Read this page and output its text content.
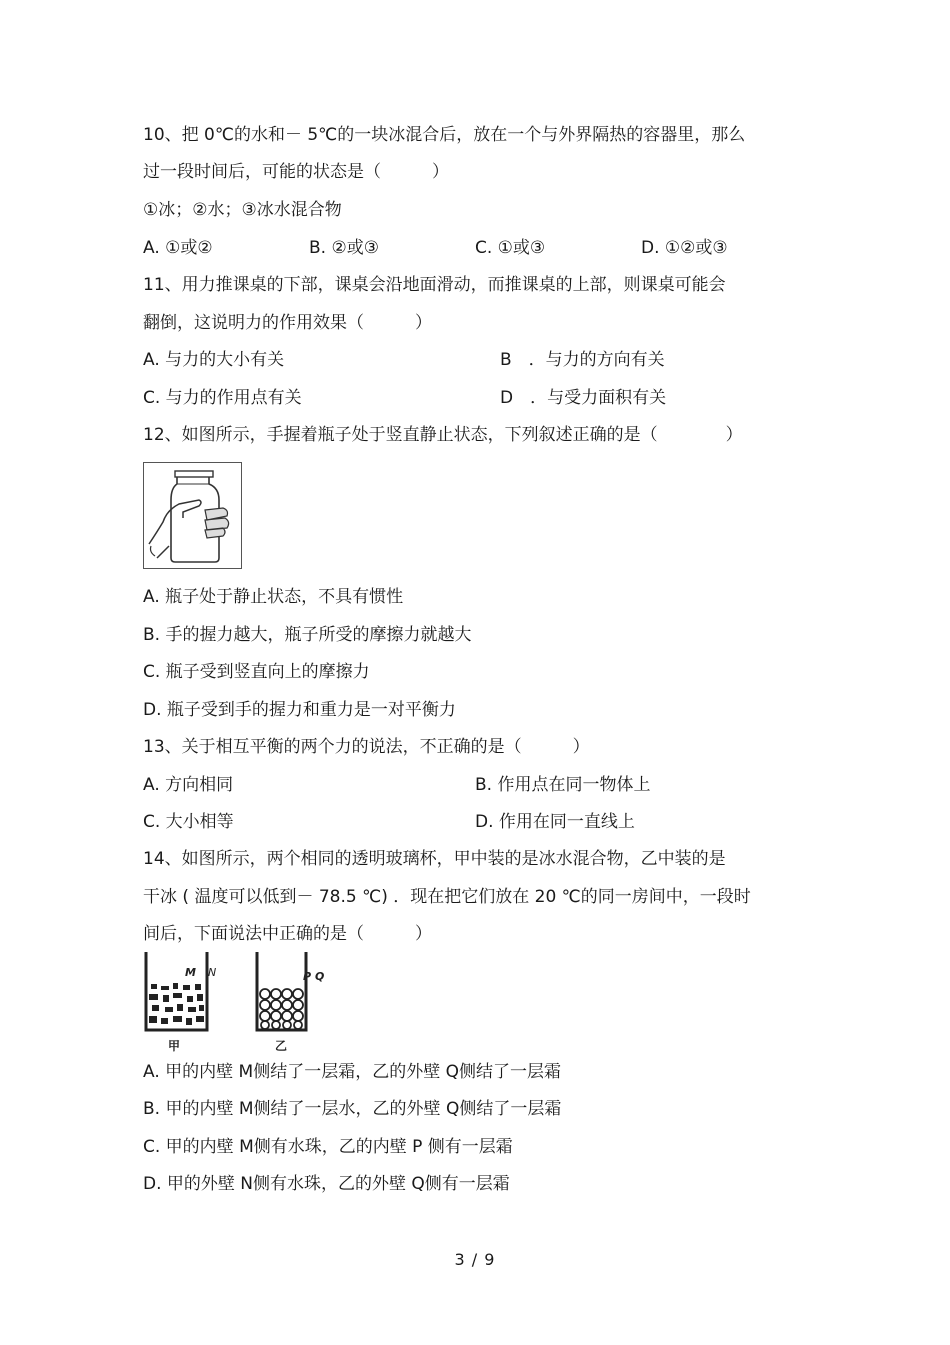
10、把 0℃的水和－ 5℃的一块冰混合后，放在一个与外界隔热的容器里，那么
过一段时间后，可能的状态是（　　　）
①冰；②水；③冰水混合物
A. ①或②	B. ②或③	C. ①或③	D. ①②或③
11、用力推课桌的下部，课桌会沿地面滑动，而推课桌的上部，则课桌可能会
翻倒，这说明力的作用效果（　　　）
A. 与力的大小有关	B　．与力的方向有关
C. 与力的作用点有关	D　．与受力面积有关
12、如图所示，手握着瓶子处于竖直静止状态，下列叙述正确的是（　　　　）
A. 瓶子处于静止状态，不具有惯性
B. 手的握力越大，瓶子所受的摩擦力就越大
C. 瓶子受到竖直向上的摩擦力
D. 瓶子受到手的握力和重力是一对平衡力
13、关于相互平衡的两个力的说法，不正确的是（　　　）
A. 方向相同	B. 作用点在同一物体上
C. 大小相等	D. 作用在同一直线上
14、如图所示，两个相同的透明玻璃杯，甲中装的是冰水混合物，乙中装的是
干冰 ( 温度可以低到－ 78.5 ℃) ．现在把它们放在 20 ℃的同一房间中，一段时
间后，下面说法中正确的是（　　　）
M N
甲
P Q
乙
A. 甲的内壁 M侧结了一层霜，乙的外壁 Q侧结了一层霜
B. 甲的内壁 M侧结了一层水，乙的外壁 Q侧结了一层霜
C. 甲的内壁 M侧有水珠，乙的内壁 P 侧有一层霜
D. 甲的外壁 N侧有水珠，乙的外壁 Q侧有一层霜
3 / 9
